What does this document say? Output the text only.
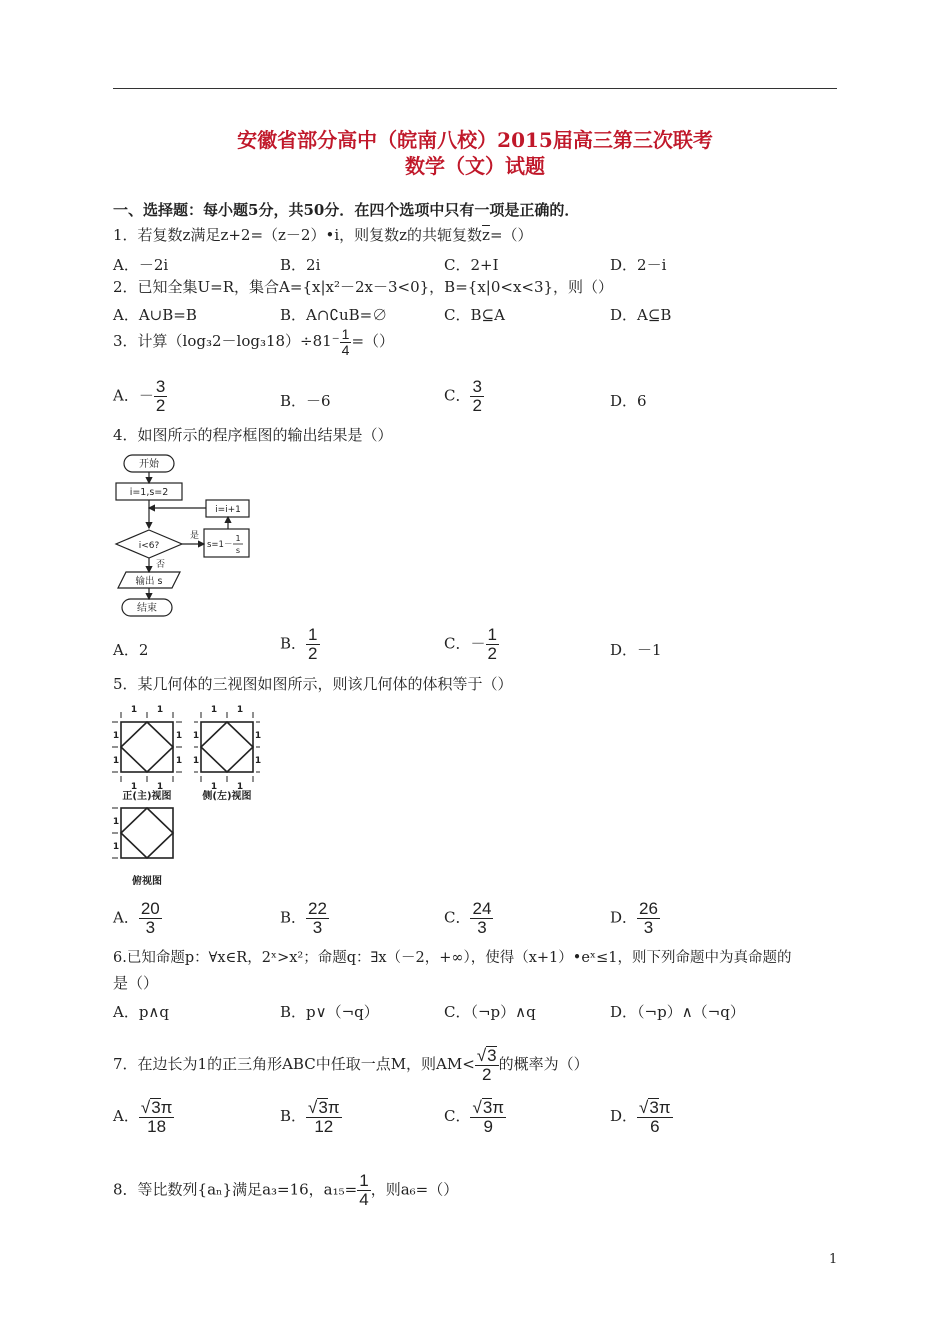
安徽省部分高中（皖南八校）2015届高三第三次联考
数学（文）试题
一、选择题：每小题5分，共50分．在四个选项中只有一项是正确的．
1．若复数z满足z+2=（z－2）•i，则复数z的共轭复数$\overline{z}=()$
A．－2i	B．2i	C．2+I	D．2－i
2．已知全集U=R，集合A={x|x²－2x－3<0}，B={x|0<x<3}，则（）
A．A∪B=B	B．A∩∁uB=∅	C．B⊆A	D．A⊆B
3．计算$(\log_32-\log_318)\div 81^- \frac{1}{4}$ =（）
A．－ $\frac{3}{2}$	B．－6	C． $\frac{3}{2}$	D．6
4．如图所示的程序框图的输出结果是（）
开始
i=1,s=2
i=i+1
是
i<6?	s=1－
1
s
否
输出 s
结束
A．2	B． $\frac{1}{2}$	C．－ $\frac{1}{2}$	D．－1
5．某几何体的三视图如图所示，则该几何体的体积等于（）
1 1
1 1
1
1
1
1
1 1
1 1
1
1
1
1
1
1
正(主)视图	侧(左)视图
俯视图
A． $\frac{20}{3}$	B． $\frac{22}{3}$	C． $\frac{24}{3}$	D． $\frac{26}{3}$
6.已知命题p：∀x∈R，2ˣ>x²；命题q：∃x（－2，+∞），使得（x+1）•eˣ≤1，则下列命题中为真命题的
是（）
A．p∧q	B．p∨（¬q）	C．（¬p）∧q	D．（¬p）∧（¬q）
7．在边长为1的正三角形ABC中任取一点M，则$AM< \frac{√3}{2}$ 的概率为（）
A． $\frac{√3\pi}{18}$	B． $\frac{√3\pi}{12}$	C． $\frac{√3\pi}{9}$	D． $\frac{√3\pi}{6}$
8．等比数列{aₙ}满足a₃=16，$a_{15}= \frac{1}{4}$ ，则a₆=（）
1
